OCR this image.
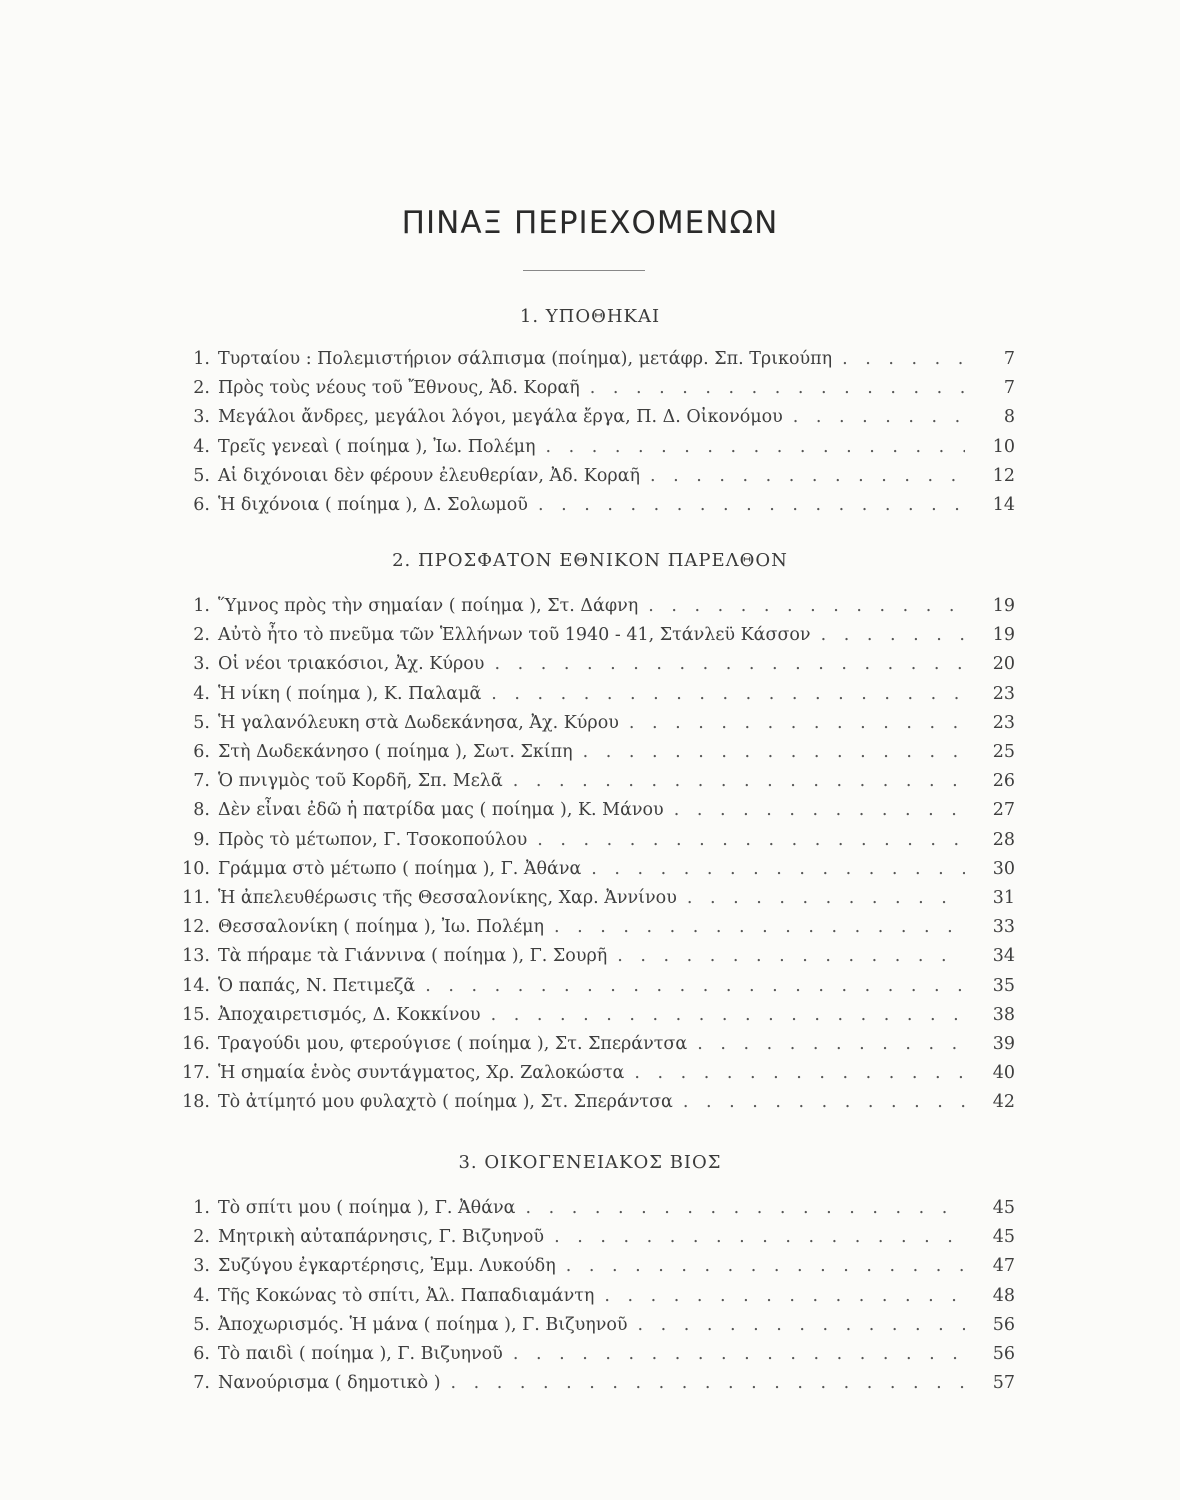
ΠΙΝΑΞ ΠΕΡΙΕΧΟΜΕΝΩΝ
1. ΥΠΟΘΗΚΑΙ
1. Τυρταίου : Πολεμιστήριον σάλπισμα (ποίημα), μετάφρ. Σπ. Τρικούπη . . .	7
2. Πρὸς τοὺς νέους τοῦ Ἔθνους, Ἀδ. Κοραῆ . . .	7
3. Μεγάλοι ἄνδρες, μεγάλοι λόγοι, μεγάλα ἔργα, Π. Δ. Οἰκονόμου . . .	8
4. Τρεῖς γενεαὶ ( ποίημα ), Ἰω. Πολέμη . . .	10
5. Αἱ διχόνοιαι δὲν φέρουν ἐλευθερίαν, Ἀδ. Κοραῆ . . .	12
6. Ἡ διχόνοια ( ποίημα ), Δ. Σολωμοῦ . . .	14
2. ΠΡΟΣΦΑΤΟΝ ΕΘΝΙΚΟΝ ΠΑΡΕΛΘΟΝ
1. Ὕμνος πρὸς τὴν σημαίαν ( ποίημα ), Στ. Δάφνη . . .	19
2. Αὐτὸ ἦτο τὸ πνεῦμα τῶν Ἑλλήνων τοῦ 1940 - 41, Στάνλεϋ Κάσσον . . .	19
3. Οἱ νέοι τριακόσιοι, Ἀχ. Κύρου . . .	20
4. Ἡ νίκη ( ποίημα ), Κ. Παλαμᾶ . . .	23
5. Ἡ γαλανόλευκη στὰ Δωδεκάνησα, Ἀχ. Κύρου . . .	23
6. Στὴ Δωδεκάνησο ( ποίημα ), Σωτ. Σκίπη . . .	25
7. Ὁ πνιγμὸς τοῦ Κορδῆ, Σπ. Μελᾶ . . .	26
8. Δὲν εἶναι ἐδῶ ἡ πατρίδα μας ( ποίημα ), Κ. Μάνου . . .	27
9. Πρὸς τὸ μέτωπον, Γ. Τσοκοπούλου . . .	28
10. Γράμμα στὸ μέτωπο ( ποίημα ), Γ. Ἀθάνα . . .	30
11. Ἡ ἀπελευθέρωσις τῆς Θεσσαλονίκης, Χαρ. Ἀννίνου . . .	31
12. Θεσσαλονίκη ( ποίημα ), Ἰω. Πολέμη . . .	33
13. Τὰ πήραμε τὰ Γιάννινα ( ποίημα ), Γ. Σουρῆ . . .	34
14. Ὁ παπάς, Ν. Πετιμεζᾶ . . .	35
15. Ἀποχαιρετισμός, Δ. Κοκκίνου . . .	38
16. Τραγούδι μου, φτερούγισε ( ποίημα ), Στ. Σπεράντσα . . .	39
17. Ἡ σημαία ἑνὸς συντάγματος, Χρ. Ζαλοκώστα . . .	40
18. Τὸ ἀτίμητό μου φυλαχτὸ ( ποίημα ), Στ. Σπεράντσα . . .	42
3. ΟΙΚΟΓΕΝΕΙΑΚΟΣ ΒΙΟΣ
1. Τὸ σπίτι μου ( ποίημα ), Γ. Ἀθάνα . . .	45
2. Μητρικὴ αὐταπάρνησις, Γ. Βιζυηνοῦ . . .	45
3. Συζύγου ἐγκαρτέρησις, Ἐμμ. Λυκούδη . . .	47
4. Τῆς Κοκώνας τὸ σπίτι, Ἀλ. Παπαδιαμάντη . . .	48
5. Ἀποχωρισμός. Ἡ μάνα ( ποίημα ), Γ. Βιζυηνοῦ . . .	56
6. Τὸ παιδὶ ( ποίημα ), Γ. Βιζυηνοῦ . . .	56
7. Νανούρισμα ( δημοτικὸ ) . . .	57
